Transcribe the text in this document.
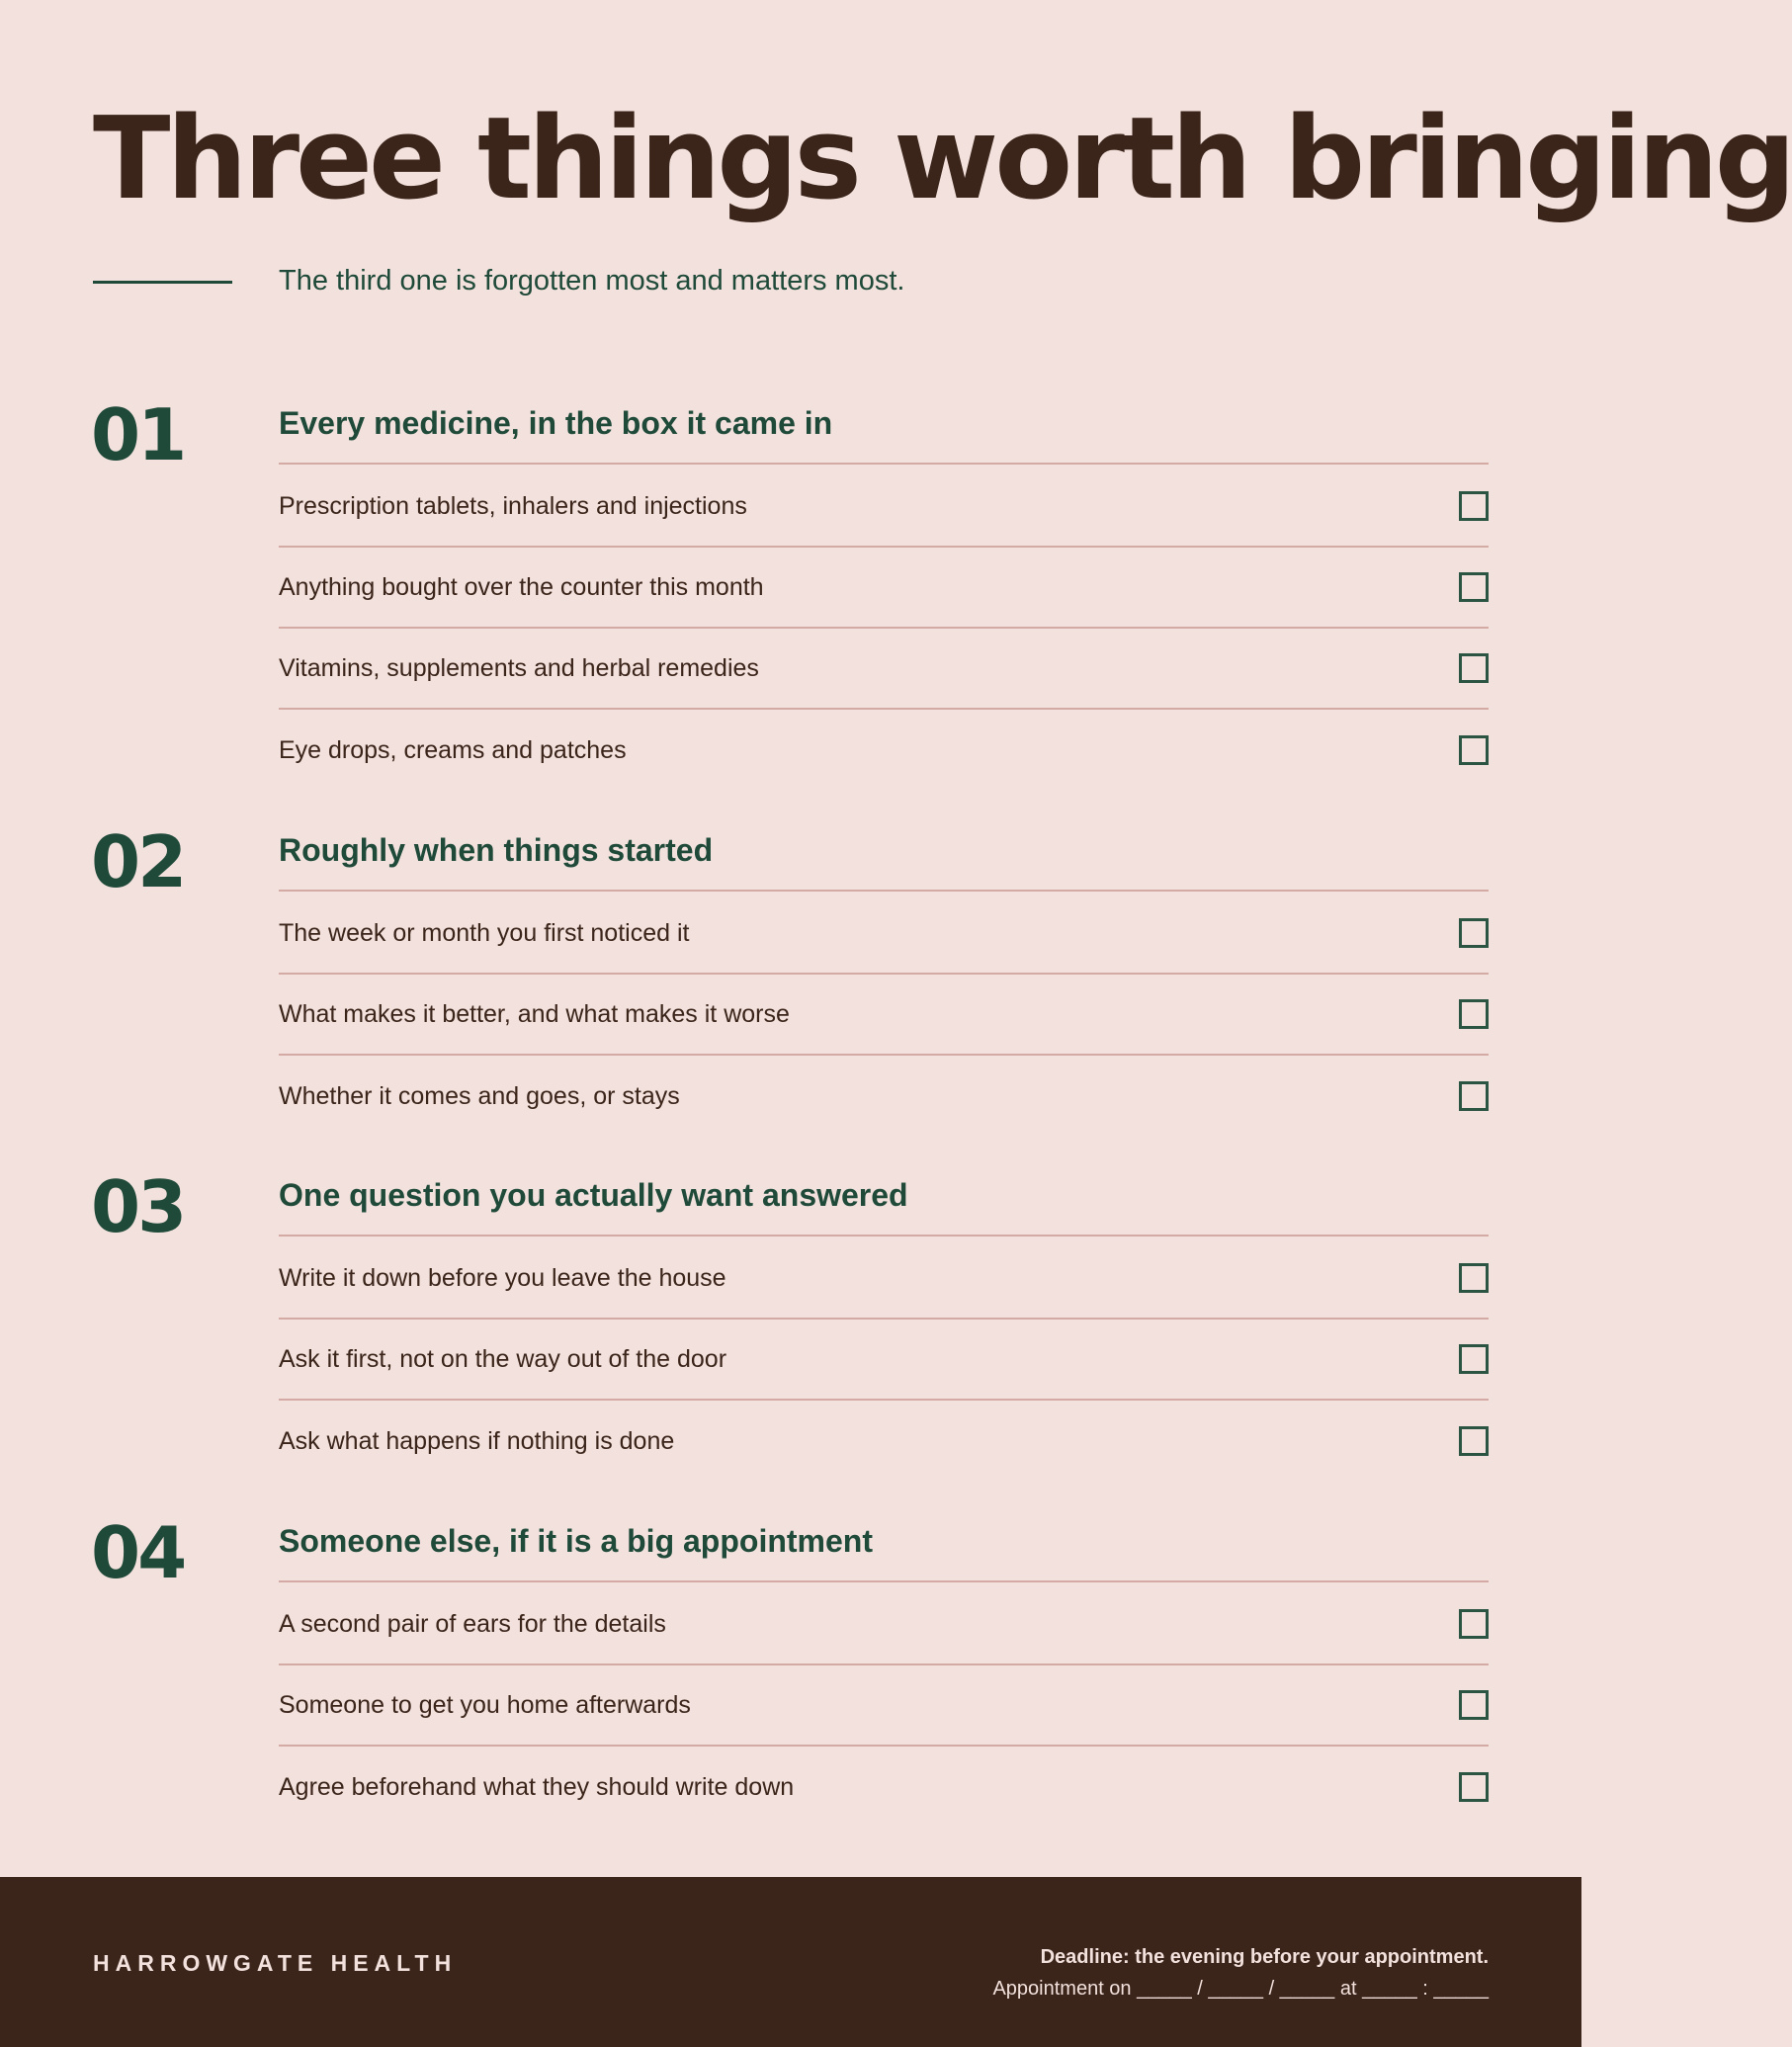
Three things worth bringing

The third one is forgotten most and matters most.

01	Every medicine, in the box it came in
Prescription tablets, inhalers and injections
Anything bought over the counter this month
Vitamins, supplements and herbal remedies
Eye drops, creams and patches
02	Roughly when things started
The week or month you first noticed it
What makes it better, and what makes it worse
Whether it comes and goes, or stays
03	One question you actually want answered
Write it down before you leave the house
Ask it first, not on the way out of the door
Ask what happens if nothing is done
04	Someone else, if it is a big appointment
A second pair of ears for the details
Someone to get you home afterwards
Agree beforehand what they should write down
HARROWGATE HEALTH	Deadline: the evening before your appointment.
Appointment on _____ / _____ / _____ at _____ : _____
